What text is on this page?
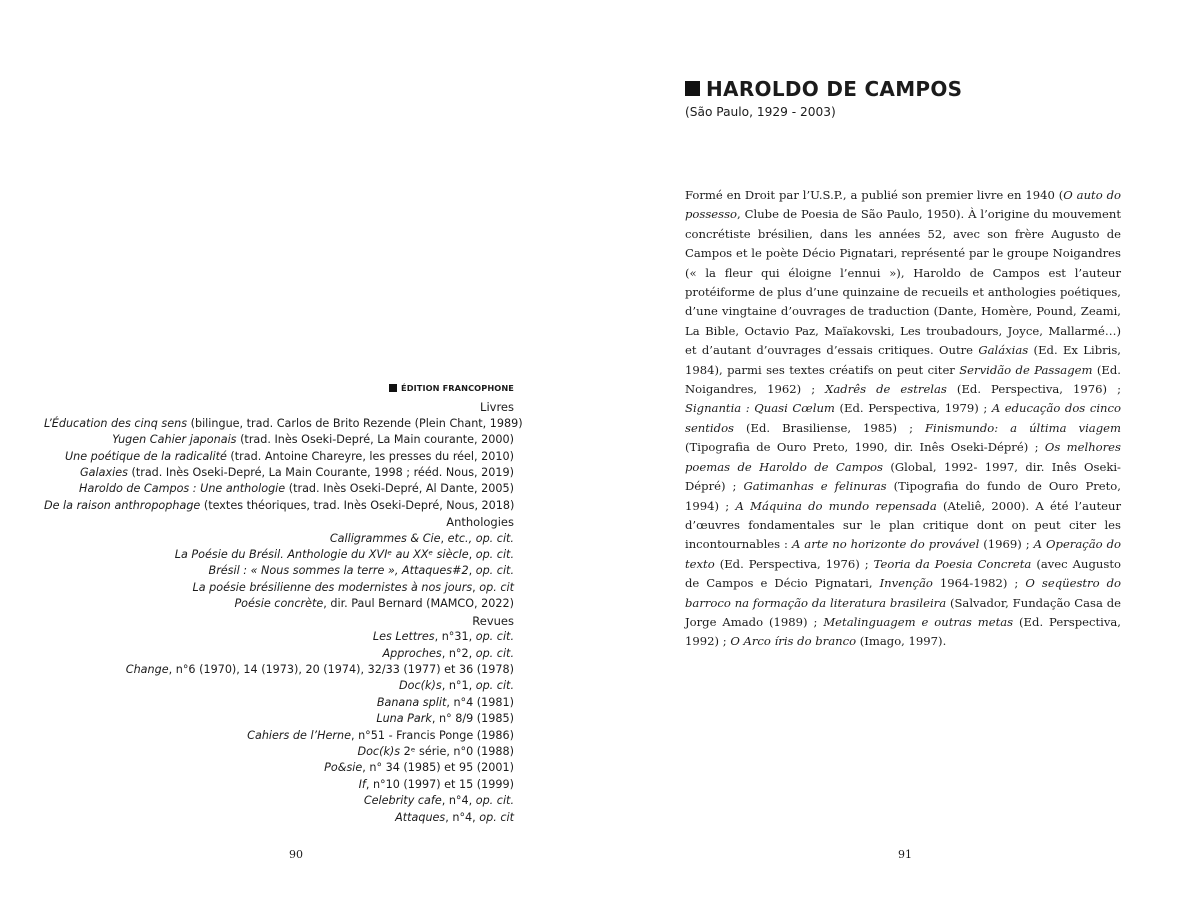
ÉDITION FRANCOPHONE
Livres
L’Éducation des cinq sens (bilingue, trad. Carlos de Brito Rezende (Plein Chant, 1989)
Yugen Cahier japonais (trad. Inès Oseki-Depré, La Main courante, 2000)
Une poétique de la radicalité (trad. Antoine Chareyre, les presses du réel, 2010)
Galaxies (trad. Inès Oseki-Depré, La Main Courante, 1998 ; rééd. Nous, 2019)
Haroldo de Campos : Une anthologie (trad. Inès Oseki-Depré, Al Dante, 2005)
De la raison anthropophage (textes théoriques, trad. Inès Oseki-Depré, Nous, 2018)
Anthologies
Calligrammes & Cie, etc., op. cit.
La Poésie du Brésil. Anthologie du XVIᵉ au XXᵉ siècle, op. cit.
Brésil : « Nous sommes la terre », Attaques#2, op. cit.
La poésie brésilienne des modernistes à nos jours, op. cit
Poésie concrète, dir. Paul Bernard (MAMCO, 2022)
Revues
Les Lettres, n°31, op. cit.
Approches, n°2, op. cit.
Change, n°6 (1970), 14 (1973), 20 (1974), 32/33 (1977) et 36 (1978)
Doc(k)s, n°1, op. cit.
Banana split, n°4 (1981)
Luna Park, n° 8/9 (1985)
Cahiers de l’Herne, n°51 - Francis Ponge (1986)
Doc(k)s 2ᵉ série, n°0 (1988)
Po&sie, n° 34 (1985) et 95 (2001)
If, n°10 (1997) et 15 (1999)
Celebrity cafe, n°4, op. cit.
Attaques, n°4, op. cit
90
HAROLDO DE CAMPOS
(São Paulo, 1929 - 2003)
Formé en Droit par l’U.S.P., a publié son premier livre en 1940 (O auto do possesso, Clube de Poesia de São Paulo, 1950). À l’origine du mouvement concrétiste brésilien, dans les années 52, avec son frère Augusto de Campos et le poète Décio Pignatari, représenté par le groupe Noigandres (« la fleur qui éloigne l’ennui »), Haroldo de Campos est l’auteur protéiforme de plus d’une quinzaine de recueils et anthologies poétiques, d’une vingtaine d’ouvrages de traduction (Dante, Homère, Pound, Zeami, La Bible, Octavio Paz, Maïakovski, Les troubadours, Joyce, Mallarmé…) et d’autant d’ouvrages d’essais critiques. Outre Galáxias (Ed. Ex Libris, 1984), parmi ses textes créatifs on peut citer Servidão de Passagem (Ed. Noigandres, 1962) ; Xadrês de estrelas (Ed. Perspectiva, 1976) ; Signantia : Quasi Cœlum (Ed. Perspectiva, 1979) ; A educação dos cinco sentidos (Ed. Brasiliense, 1985) ; Finismundo: a última viagem (Tipografia de Ouro Preto, 1990, dir. Inês Oseki-Dépré) ; Os melhores poemas de Haroldo de Campos (Global, 1992- 1997, dir. Inês Oseki-Dépré) ; Gatimanhas e felinuras (Tipografia do fundo de Ouro Preto, 1994) ; A Máquina do mundo repensada (Ateliê, 2000). A été l’auteur d’œuvres fondamentales sur le plan critique dont on peut citer les incontournables : A arte no horizonte do provável (1969) ; A Operação do texto (Ed. Perspectiva, 1976) ; Teoria da Poesia Concreta (avec Augusto de Campos e Décio Pignatari, Invenção 1964-1982) ; O seqüestro do barroco na formação da literatura brasileira (Salvador, Fundação Casa de Jorge Amado (1989) ; Metalinguagem e outras metas (Ed. Perspectiva, 1992) ; O Arco íris do branco (Imago, 1997).
91
